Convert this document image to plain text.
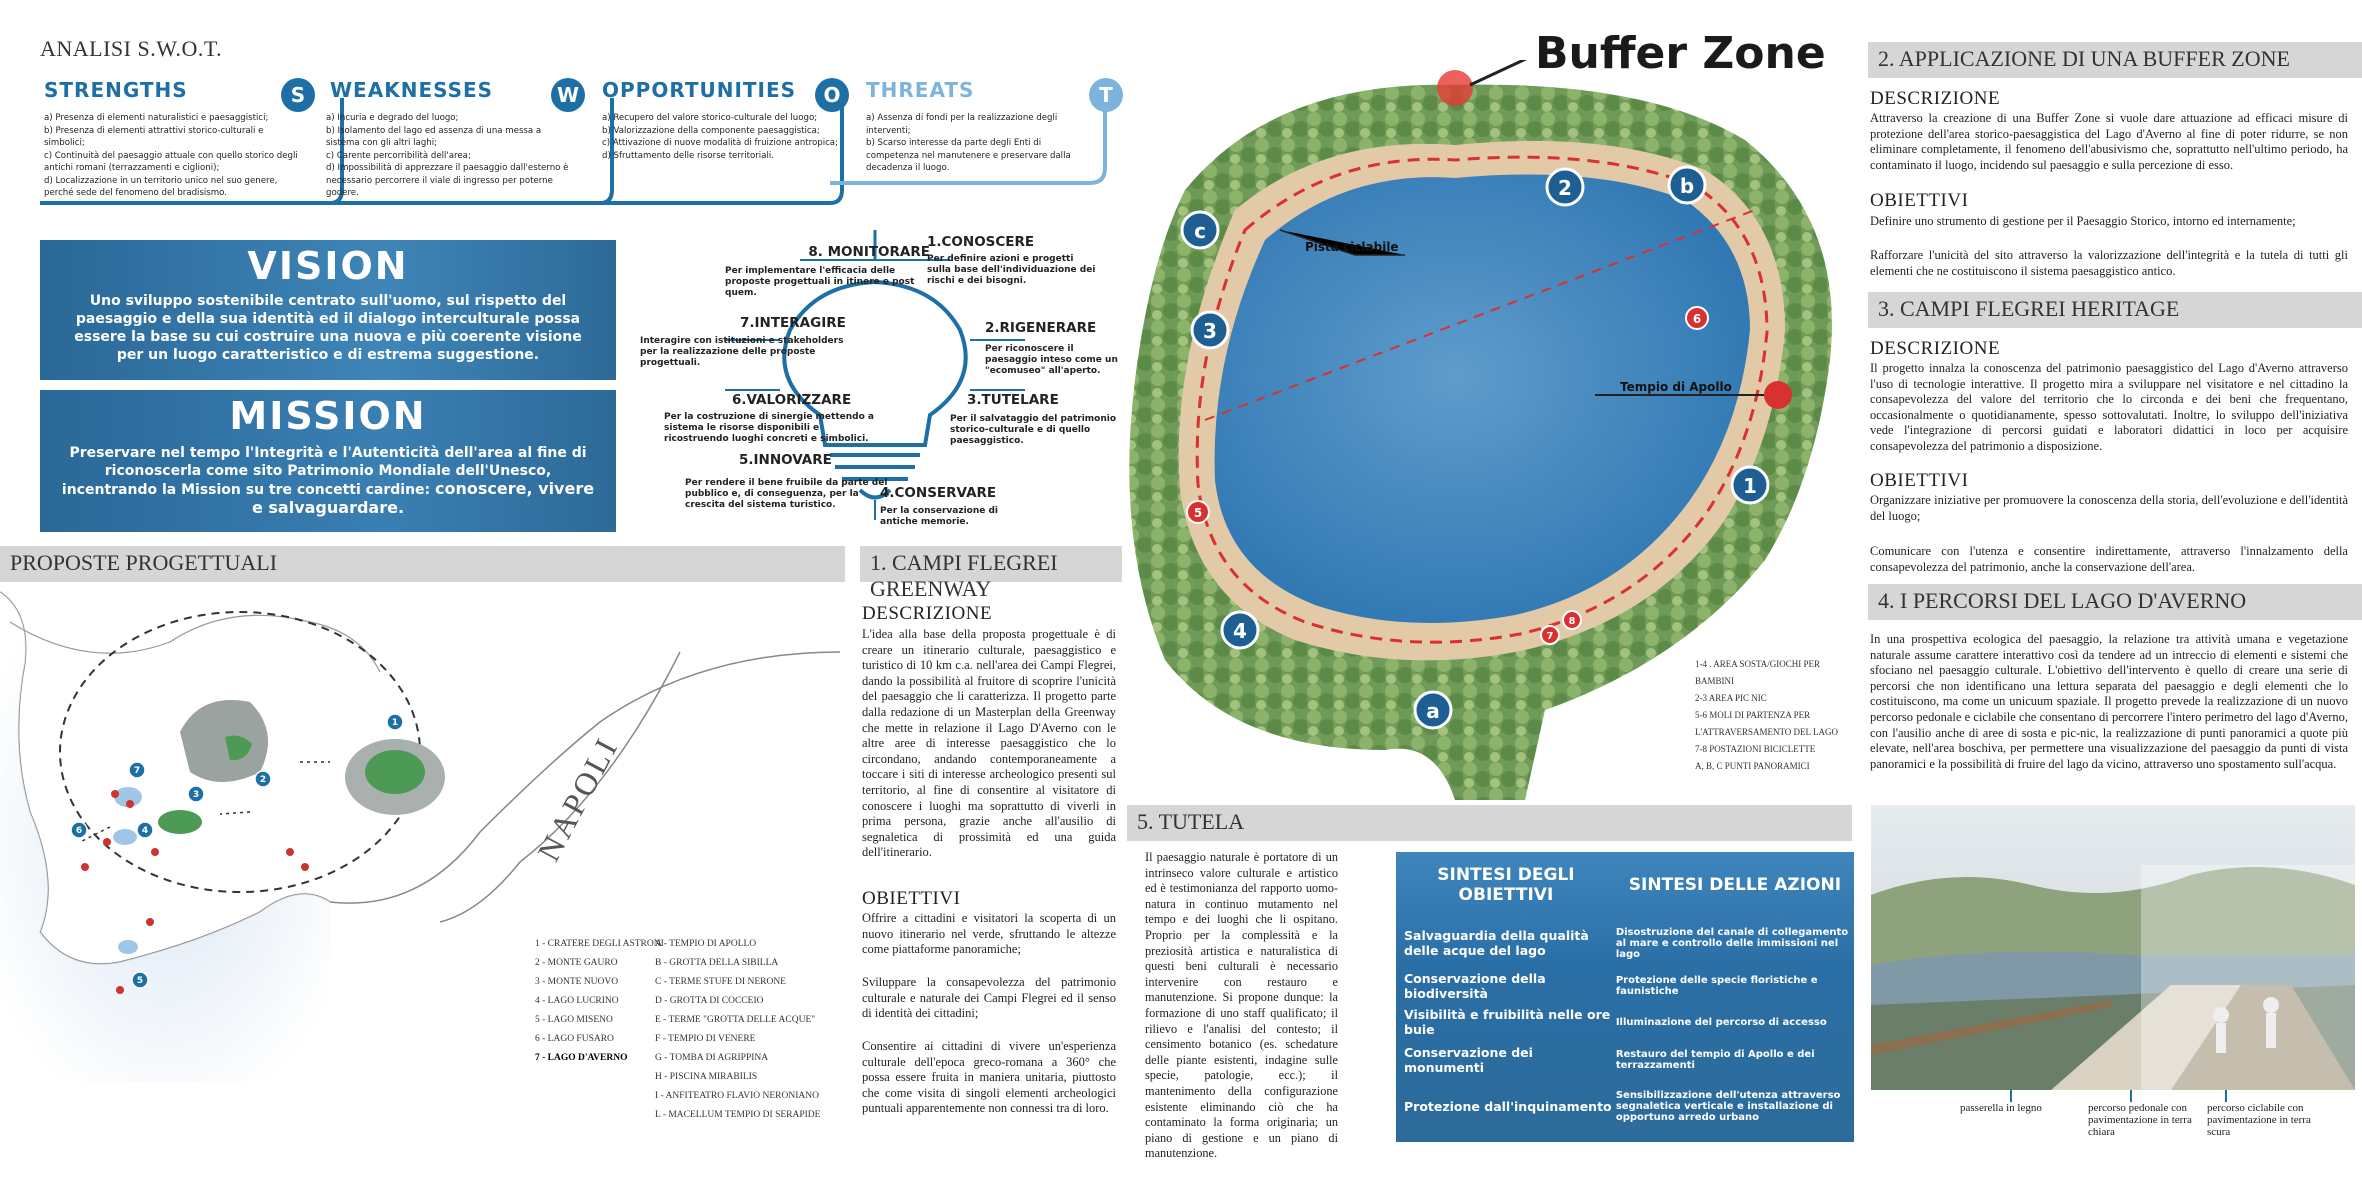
ANALISI S.W.O.T.
S	W	O	T
STRENGTHS	WEAKNESSES	OPPORTUNITIES	THREATS
a) Presenza di elementi naturalistici e paesaggistici;
b) Presenza di elementi attrattivi storico-culturali e simbolici;
c) Continuità del paesaggio attuale con quello storico degli antichi romani (terrazzamenti e ciglioni);
d) Localizzazione in un territorio unico nel suo genere, perché sede del fenomeno del bradisismo.
a) Incuria e degrado del luogo;
b) Isolamento del lago ed assenza di una messa a sistema con gli altri laghi;
c) Carente percorribilità dell'area;
d) Impossibilità di apprezzare il paesaggio dall'esterno è necessario percorrere il viale di ingresso per poterne godere.
a) Recupero del valore storico-culturale del luogo;
b) Valorizzazione della componente paesaggistica;
c) Attivazione di nuove modalità di fruizione antropica;
d) Sfruttamento delle risorse territoriali.
a) Assenza di fondi per la realizzazione degli interventi;
b) Scarso interesse da parte degli Enti di competenza nel manutenere e preservare dalla decadenza il luogo.
VISION
Uno sviluppo sostenibile centrato sull'uomo, sul rispetto del paesaggio e della sua identità ed il dialogo interculturale possa essere la base su cui costruire una nuova e più coerente visione per un luogo caratteristico e di estrema suggestione.
MISSION
Preservare nel tempo l'Integrità e l'Autenticità dell'area al fine di riconoscerla come sito Patrimonio Mondiale dell'Unesco, incentrando la Mission su tre concetti cardine: conoscere, vivere e salvaguardare.
8. MONITORARE
Per implementare l'efficacia delle proposte progettuali in itinere e post quem.
1.CONOSCERE
Per definire azioni e progetti sulla base dell'individuazione dei rischi e dei bisogni.
7.INTERAGIRE
Interagire con istituzioni e stakeholders per la realizzazione delle proposte progettuali.
2.RIGENERARE
Per riconoscere il paesaggio inteso come un "ecomuseo" all'aperto.
6.VALORIZZARE
Per la costruzione di sinergie mettendo a sistema le risorse disponibili e ricostruendo luoghi concreti e simbolici.
3.TUTELARE
Per il salvataggio del patrimonio storico-culturale e di quello paesaggistico.
5.INNOVARE
Per rendere il bene fruibile da parte del pubblico e, di conseguenza, per la crescita del sistema turistico.
4.CONSERVARE
Per la conservazione di antiche memorie.
PROPOSTE PROGETTUALI
1
2
3
7
4
6
5
NAPOLI
1 - CRATERE DEGLI ASTRONI
2 - MONTE GAURO
3 - MONTE NUOVO
4 - LAGO LUCRINO
5 - LAGO MISENO
6 - LAGO FUSARO
7 - LAGO D'AVERNO
A - TEMPIO DI APOLLO
B - GROTTA DELLA SIBILLA
C - TERME STUFE DI NERONE
D - GROTTA DI COCCEIO
E - TERME "GROTTA DELLE ACQUE"
F - TEMPIO DI VENERE
G - TOMBA DI AGRIPPINA
H - PISCINA MIRABILIS
I - ANFITEATRO FLAVIO NERONIANO
L - MACELLUM TEMPIO DI SERAPIDE
1. CAMPI FLEGREI GREENWAY
DESCRIZIONE
L'idea alla base della proposta progettuale è di creare un itinerario culturale, paesaggistico e turistico di 10 km c.a. nell'area dei Campi Flegrei, dando la possibilità al fruitore di scoprire l'unicità del paesaggio che li caratterizza. Il progetto parte dalla redazione di un Masterplan della Greenway che mette in relazione il Lago D'Averno con le altre aree di interesse paesaggistico che lo circondano, andando contemporaneamente a toccare i siti di interesse archeologico presenti sul territorio, al fine di consentire al visitatore di conoscere i luoghi ma soprattutto di viverli in prima persona, grazie anche all'ausilio di segnaletica di prossimità ed una guida dell'itinerario.
OBIETTIVI
Offrire a cittadini e visitatori la scoperta di un nuovo itinerario nel verde, sfruttando le altezze come piattaforme panoramiche;
Sviluppare la consapevolezza del patrimonio culturale e naturale dei Campi Flegrei ed il senso di identità dei cittadini;
Consentire ai cittadini di vivere un'esperienza culturale dell'epoca greco-romana a 360° che possa essere fruita in maniera unitaria, piuttosto che come visita di singoli elementi archeologici puntuali apparentemente non connessi tra di loro.
Buffer Zone
1
2
3
4
a
b
c
5
6
7
8
Pista ciclabile
Tempio di Apollo
1-4 . AREA SOSTA/GIOCHI PER BAMBINI
2-3 AREA PIC NIC
5-6 MOLI DI PARTENZA PER L'ATTRAVERSAMENTO DEL LAGO
7-8 POSTAZIONI BICICLETTE
A, B, C PUNTI PANORAMICI
5. TUTELA
Il paesaggio naturale è portatore di un intrinseco valore culturale e artistico ed è testimonianza del rapporto uomo-natura in continuo mutamento nel tempo e dei luoghi che li ospitano. Proprio per la complessità e la preziosità artistica e naturalistica di questi beni culturali è necessario intervenire con restauro e manutenzione. Si propone dunque: la formazione di uno staff qualificato; il rilievo e l'analisi del contesto; il censimento botanico (es. schedature delle piante esistenti, indagine sulle specie, patologie, ecc.); il mantenimento della configurazione esistente eliminando ciò che ha contaminato la forma originaria; un piano di gestione e un piano di manutenzione.
SINTESI DEGLI OBIETTIVI	SINTESI DELLE AZIONI
Salvaguardia della qualità delle acque del lago	Disostruzione del canale di collegamento al mare e controllo delle immissioni nel lago
Conservazione della biodiversità	Protezione delle specie floristiche e faunistiche
Visibilità e fruibilità nelle ore buie	Illuminazione del percorso di accesso
Conservazione dei monumenti	Restauro del tempio di Apollo e dei terrazzamenti
Protezione dall'inquinamento	Sensibilizzazione dell'utenza attraverso segnaletica verticale e installazione di opportuno arredo urbano
2. APPLICAZIONE DI UNA BUFFER ZONE
DESCRIZIONE
Attraverso la creazione di una Buffer Zone si vuole dare attuazione ad efficaci misure di protezione dell'area storico-paesaggistica del Lago d'Averno al fine di poter ridurre, se non eliminare completamente, il fenomeno dell'abusivismo che, soprattutto nell'ultimo periodo, ha contaminato il luogo, incidendo sul paesaggio e sulla percezione di esso.
OBIETTIVI
Definire uno strumento di gestione per il Paesaggio Storico, intorno ed internamente;
Rafforzare l'unicità del sito attraverso la valorizzazione dell'integrità e la tutela di tutti gli elementi che ne costituiscono il sistema paesaggistico antico.
3. CAMPI FLEGREI HERITAGE
DESCRIZIONE
Il progetto innalza la conoscenza del patrimonio paesaggistico del Lago d'Averno attraverso l'uso di tecnologie interattive. Il progetto mira a sviluppare nel visitatore e nel cittadino la consapevolezza del valore del territorio che lo circonda e dei beni che frequentano, occasionalmente o quotidianamente, spesso sottovalutati. Inoltre, lo sviluppo dell'iniziativa vede l'integrazione di percorsi guidati e laboratori didattici in loco per acquisire consapevolezza del patrimonio a disposizione.
OBIETTIVI
Organizzare iniziative per promuovere la conoscenza della storia, dell'evoluzione e dell'identità del luogo;
Comunicare con l'utenza e consentire indirettamente, attraverso l'innalzamento della consapevolezza del patrimonio, anche la conservazione dell'area.
4. I PERCORSI DEL LAGO D'AVERNO
In una prospettiva ecologica del paesaggio, la relazione tra attività umana e vegetazione naturale assume carattere interattivo così da tendere ad un intreccio di elementi e sistemi che sfociano nel paesaggio culturale. L'obiettivo dell'intervento è quello di creare una serie di percorsi che non identificano una lettura separata del paesaggio e degli elementi che lo costituiscono, ma come un unicuum spaziale. Il progetto prevede la realizzazione di un nuovo percorso pedonale e ciclabile che consentano di percorrere l'intero perimetro del lago d'Averno, con l'ausilio anche di aree di sosta e pic-nic, la realizzazione di punti panoramici a quote più elevate, nell'area boschiva, per permettere una visualizzazione del paesaggio da punti di vista panoramici e la possibilità di fruire del lago da vicino, attraverso uno spostamento sull'acqua.
passerella in legno	percorso pedonale con pavimentazione in terra chiara
percorso ciclabile con pavimentazione in terra scura
